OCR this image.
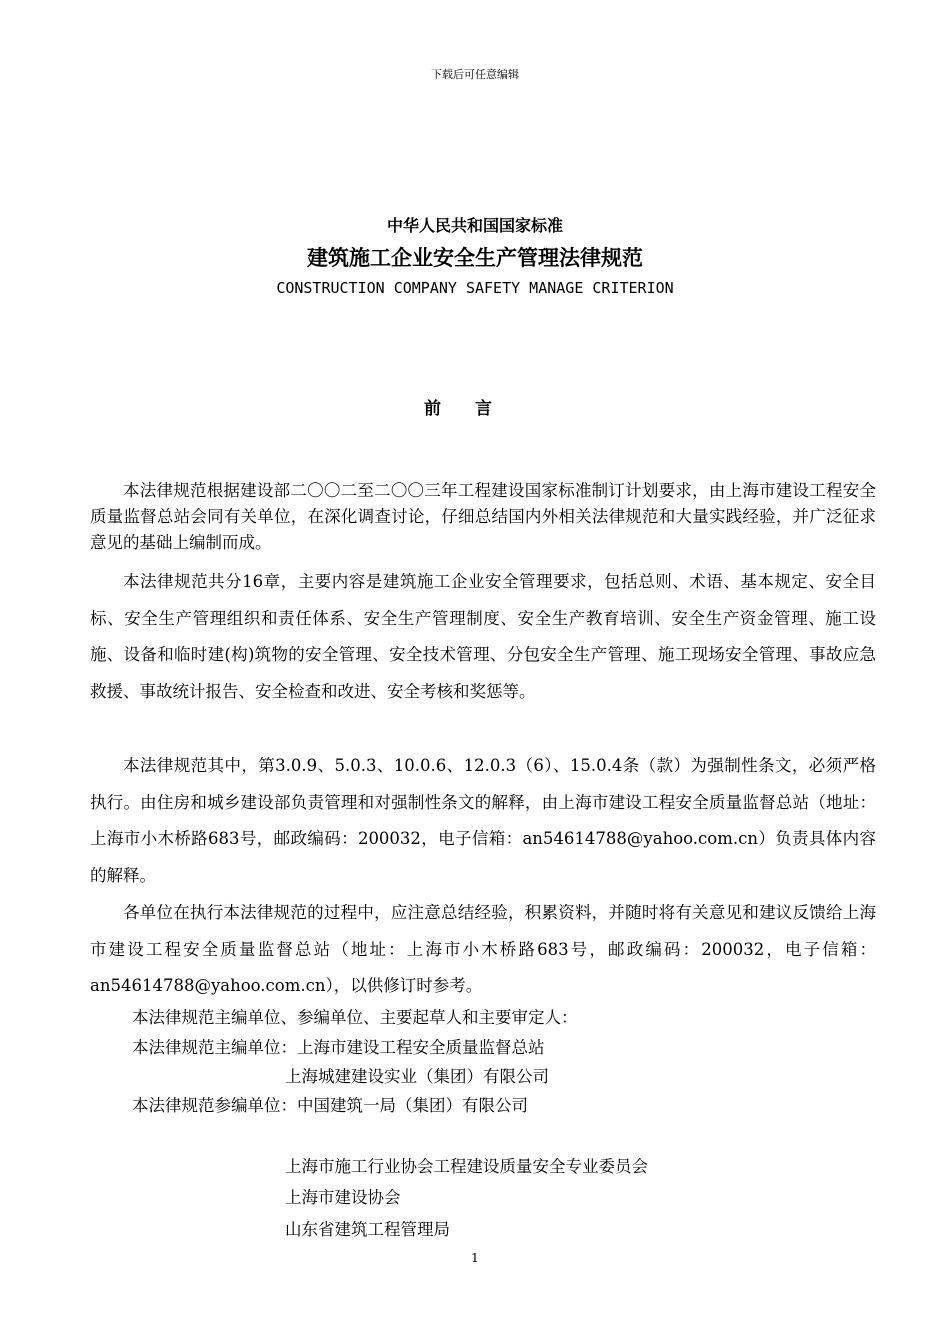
下载后可任意编辑
中华人民共和国国家标准
建筑施工企业安全生产管理法律规范
CONSTRUCTION COMPANY SAFETY MANAGE CRITERION
前言
本法律规范根据建设部二〇〇二至二〇〇三年工程建设国家标准制订计划要求，由上海市建设工程安全质量监督总站会同有关单位，在深化调查讨论，仔细总结国内外相关法律规范和大量实践经验，并广泛征求意见的基础上编制而成。
本法律规范共分16章，主要内容是建筑施工企业安全管理要求，包括总则、术语、基本规定、安全目标、安全生产管理组织和责任体系、安全生产管理制度、安全生产教育培训、安全生产资金管理、施工设施、设备和临时建(构)筑物的安全管理、安全技术管理、分包安全生产管理、施工现场安全管理、事故应急救援、事故统计报告、安全检查和改进、安全考核和奖惩等。
本法律规范其中，第3.0.9、5.0.3、10.0.6、12.0.3（6）、15.0.4条（款）为强制性条文，必须严格执行。由住房和城乡建设部负责管理和对强制性条文的解释，由上海市建设工程安全质量监督总站（地址：上海市小木桥路683号，邮政编码：200032，电子信箱：an54614788@yahoo.com.cn）负责具体内容的解释。
各单位在执行本法律规范的过程中，应注意总结经验，积累资料，并随时将有关意见和建议反馈给上海市建设工程安全质量监督总站（地址：上海市小木桥路683号，邮政编码：200032，电子信箱：an54614788@yahoo.com.cn），以供修订时参考。
本法律规范主编单位、参编单位、主要起草人和主要审定人：
本法律规范主编单位： 上海市建设工程安全质量监督总站
上海城建建设实业（集团）有限公司
本法律规范参编单位： 中国建筑一局（集团）有限公司
上海市施工行业协会工程建设质量安全专业委员会
上海市建设协会
山东省建筑工程管理局
1
